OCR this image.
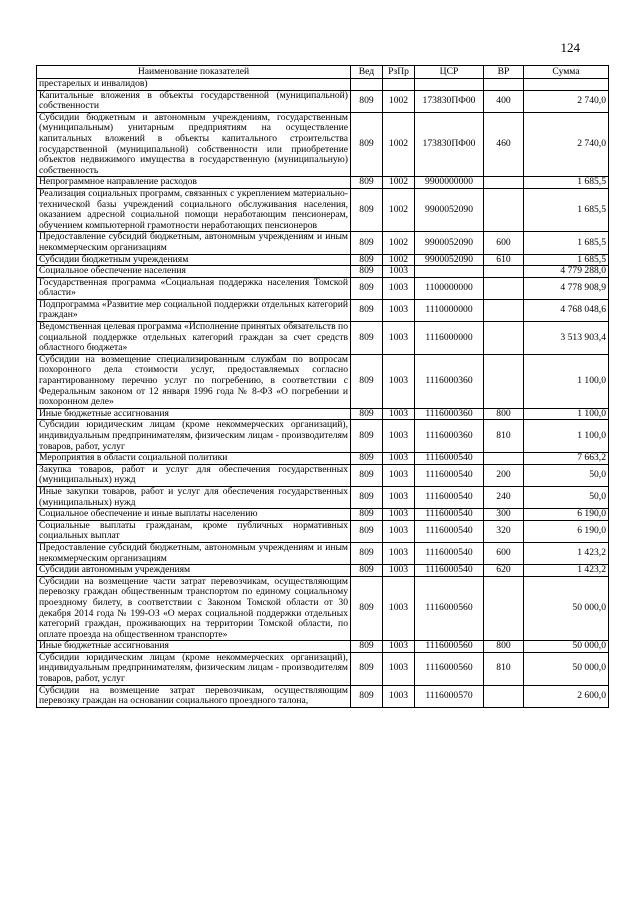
124
Наименование показателей	Вед	РзПр	ЦСР	ВР	Сумма
престарелых и инвалидов)					
Капитальные вложения в объекты государственной (муниципальной) собственности	809	1002	173830ПФ00	400	2 740,0
Субсидии бюджетным и автономным учреждениям, государственным (муниципальным) унитарным предприятиям на осуществление капитальных вложений в объекты капитального строительства государственной (муниципальной) собственности или приобретение объектов недвижимого имущества в государственную (муниципальную) собственность	809	1002	173830ПФ00	460	2 740,0
Непрограммное направление расходов	809	1002	9900000000		1 685,5
Реализация социальных программ, связанных с укреплением материально-технической базы учреждений социального обслуживания населения, оказанием адресной социальной помощи неработающим пенсионерам, обучением компьютерной грамотности неработающих пенсионеров	809	1002	9900052090		1 685,5
Предоставление субсидий бюджетным, автономным учреждениям и иным некоммерческим организациям	809	1002	9900052090	600	1 685,5
Субсидии бюджетным учреждениям	809	1002	9900052090	610	1 685,5
Социальное обеспечение населения	809	1003			4 779 288,0
Государственная программа «Социальная поддержка населения Томской области»	809	1003	1100000000		4 778 908,9
Подпрограмма «Развитие мер социальной поддержки отдельных категорий граждан»	809	1003	1110000000		4 768 048,6
Ведомственная целевая программа «Исполнение принятых обязательств по социальной поддержке отдельных категорий граждан за счет средств областного бюджета»	809	1003	1116000000		3 513 903,4
Субсидии на возмещение специализированным службам по вопросам похоронного дела стоимости услуг, предоставляемых согласно гарантированному перечню услуг по погребению, в соответствии с Федеральным законом от 12 января 1996 года № 8-ФЗ «О погребении и похоронном деле»	809	1003	1116000360		1 100,0
Иные бюджетные ассигнования	809	1003	1116000360	800	1 100,0
Субсидии юридическим лицам (кроме некоммерческих организаций), индивидуальным предпринимателям, физическим лицам - производителям товаров, работ, услуг	809	1003	1116000360	810	1 100,0
Мероприятия в области социальной политики	809	1003	1116000540		7 663,2
Закупка товаров, работ и услуг для обеспечения государственных (муниципальных) нужд	809	1003	1116000540	200	50,0
Иные закупки товаров, работ и услуг для обеспечения государственных (муниципальных) нужд	809	1003	1116000540	240	50,0
Социальное обеспечение и иные выплаты населению	809	1003	1116000540	300	6 190,0
Социальные выплаты гражданам, кроме публичных нормативных социальных выплат	809	1003	1116000540	320	6 190,0
Предоставление субсидий бюджетным, автономным учреждениям и иным некоммерческим организациям	809	1003	1116000540	600	1 423,2
Субсидии автономным учреждениям	809	1003	1116000540	620	1 423,2
Субсидии на возмещение части затрат перевозчикам, осуществляющим перевозку граждан общественным транспортом по единому социальному проездному билету, в соответствии с Законом Томской области от 30 декабря 2014 года № 199-ОЗ «О мерах социальной поддержки отдельных категорий граждан, проживающих на территории Томской области, по оплате проезда на общественном транспорте»	809	1003	1116000560		50 000,0
Иные бюджетные ассигнования	809	1003	1116000560	800	50 000,0
Субсидии юридическим лицам (кроме некоммерческих организаций), индивидуальным предпринимателям, физическим лицам - производителям товаров, работ, услуг	809	1003	1116000560	810	50 000,0
Субсидии на возмещение затрат перевозчикам, осуществляющим перевозку граждан на основании социального проездного талона,	809	1003	1116000570		2 600,0
